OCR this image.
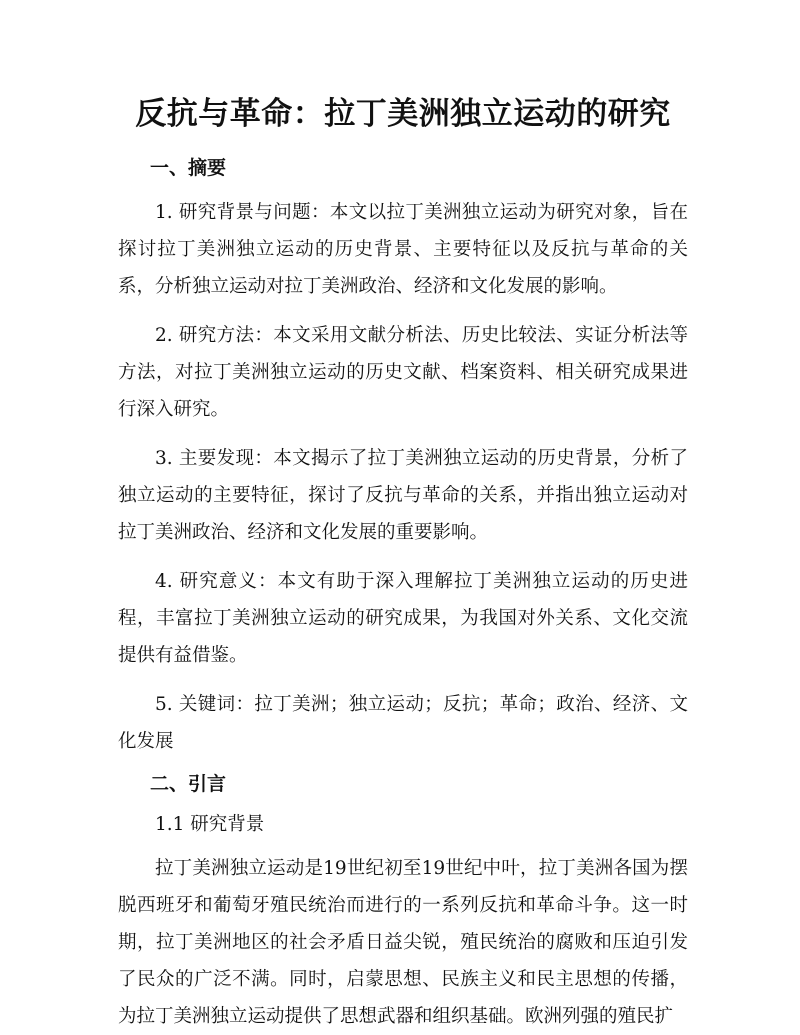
反抗与革命：拉丁美洲独立运动的研究
一、摘要

1. 研究背景与问题：本文以拉丁美洲独立运动为研究对象，旨在探讨拉丁美洲独立运动的历史背景、主要特征以及反抗与革命的关系，分析独立运动对拉丁美洲政治、经济和文化发展的影响。

2. 研究方法：本文采用文献分析法、历史比较法、实证分析法等方法，对拉丁美洲独立运动的历史文献、档案资料、相关研究成果进行深入研究。

3. 主要发现：本文揭示了拉丁美洲独立运动的历史背景，分析了独立运动的主要特征，探讨了反抗与革命的关系，并指出独立运动对拉丁美洲政治、经济和文化发展的重要影响。

4. 研究意义：本文有助于深入理解拉丁美洲独立运动的历史进程，丰富拉丁美洲独立运动的研究成果，为我国对外关系、文化交流提供有益借鉴。

5. 关键词：拉丁美洲；独立运动；反抗；革命；政治、经济、文化发展

二、引言

1.1 研究背景

拉丁美洲独立运动是19世纪初至19世纪中叶，拉丁美洲各国为摆脱西班牙和葡萄牙殖民统治而进行的一系列反抗和革命斗争。这一时期，拉丁美洲地区的社会矛盾日益尖锐，殖民统治的腐败和压迫引发了民众的广泛不满。同时，启蒙思想、民族主义和民主思想的传播，为拉丁美洲独立运动提供了思想武器和组织基础。欧洲列强的殖民扩
